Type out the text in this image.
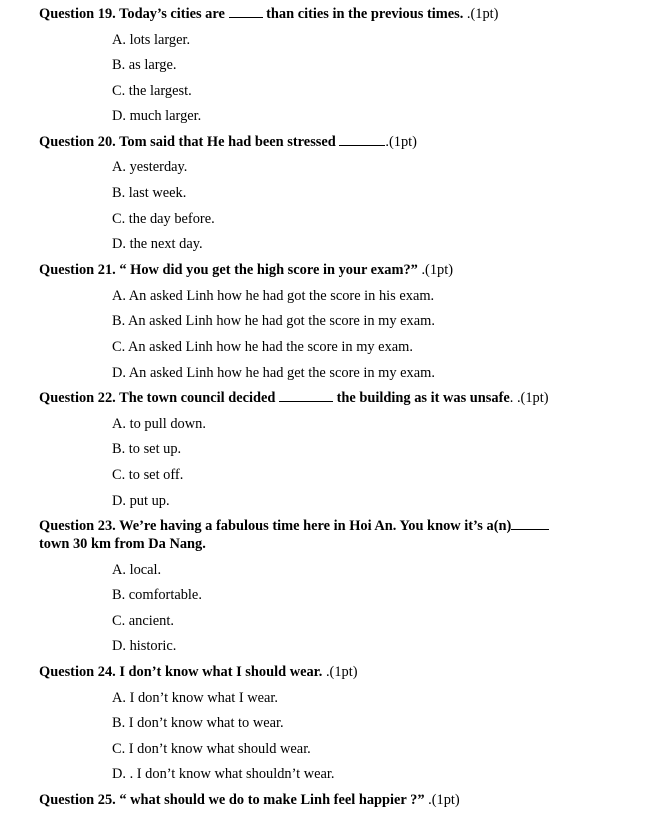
Question 19. Today’s cities are  than cities in the previous times. .(1pt)
A. lots larger.
B. as large.
C. the largest.
D. much larger.
Question 20. Tom said that He had been stressed	.(1pt)
A. yesterday.
B. last week.
C. the day before.
D. the next day.
Question 21. “ How did you get the high score in your exam?” .(1pt)
A. An asked Linh how he had got the score in his exam.
B. An asked Linh how he had got the score in my exam.
C. An asked Linh how he had the score in my exam.
D. An asked Linh how he had get the score in my exam.
Question 22. The town council decided	the building as it was unsafe. .(1pt)
A. to pull down.
B. to set up.
C. to set off.
D. put up.
Question 23. We’re having a fabulous time here in Hoi An. You know it’s a(n)
town 30 km from Da Nang.
A. local.
B. comfortable.
C. ancient.
D. historic.
Question 24. I don’t know what I should wear. .(1pt)
A. I don’t know what I wear.
B. I don’t know what to wear.
C. I don’t know what should wear.
D. . I don’t know what shouldn’t wear.
Question 25. “ what should we do to make Linh feel happier ?” .(1pt)
